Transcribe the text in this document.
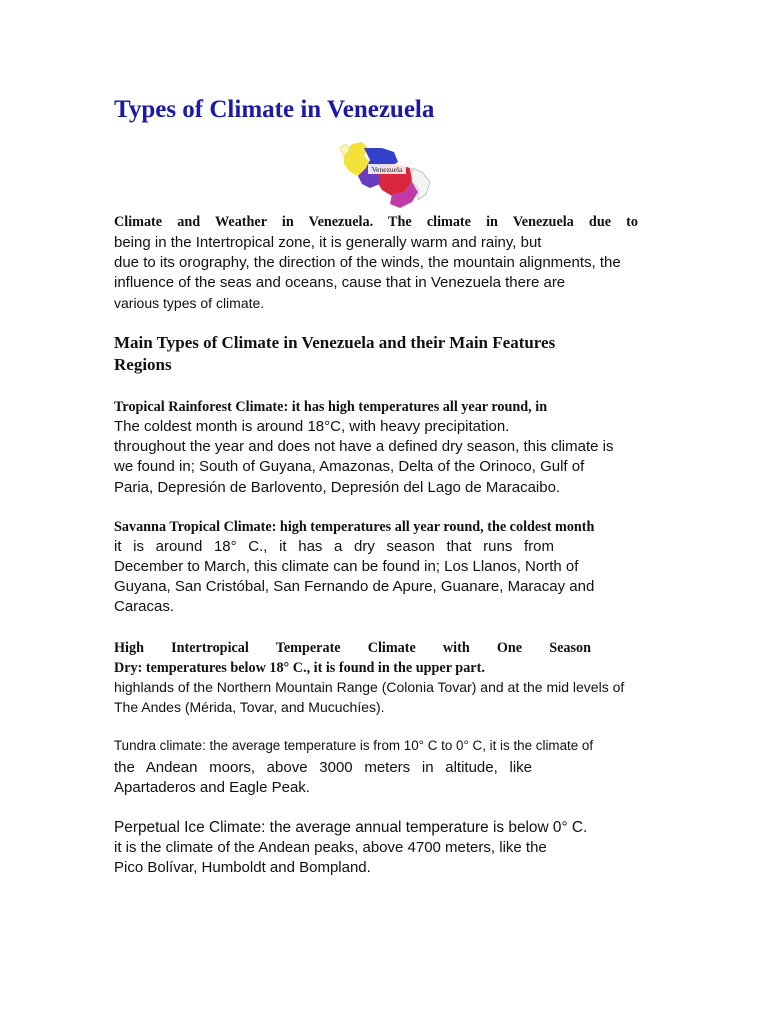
Types of Climate in Venezuela
Venezuela

Climate and Weather in Venezuela. The climate in Venezuela due to

being in the Intertropical zone, it is generally warm and rainy, but

due to its orography, the direction of the winds, the mountain alignments, the

influence of the seas and oceans, cause that in Venezuela there are

various types of climate.

Main Types of Climate in Venezuela and their Main Features
Regions

Tropical Rainforest Climate: it has high temperatures all year round, in

The coldest month is around 18°C, with heavy precipitation.

throughout the year and does not have a defined dry season, this climate is

we found in; South of Guyana, Amazonas, Delta of the Orinoco, Gulf of

Paria, Depresión de Barlovento, Depresión del Lago de Maracaibo.

Savanna Tropical Climate: high temperatures all year round, the coldest month

it is around 18° C., it has a dry season that runs from

December to March, this climate can be found in; Los Llanos, North of

Guyana, San Cristóbal, San Fernando de Apure, Guanare, Maracay and

Caracas.

High Intertropical Temperate Climate with One Season

Dry: temperatures below 18° C., it is found in the upper part.

highlands of the Northern Mountain Range (Colonia Tovar) and at the mid levels of

The Andes (Mérida, Tovar, and Mucuchíes).

Tundra climate: the average temperature is from 10° C to 0° C, it is the climate of

the Andean moors, above 3000 meters in altitude, like

Apartaderos and Eagle Peak.

Perpetual Ice Climate: the average annual temperature is below 0° C.

it is the climate of the Andean peaks, above 4700 meters, like the

Pico Bolívar, Humboldt and Bompland.
